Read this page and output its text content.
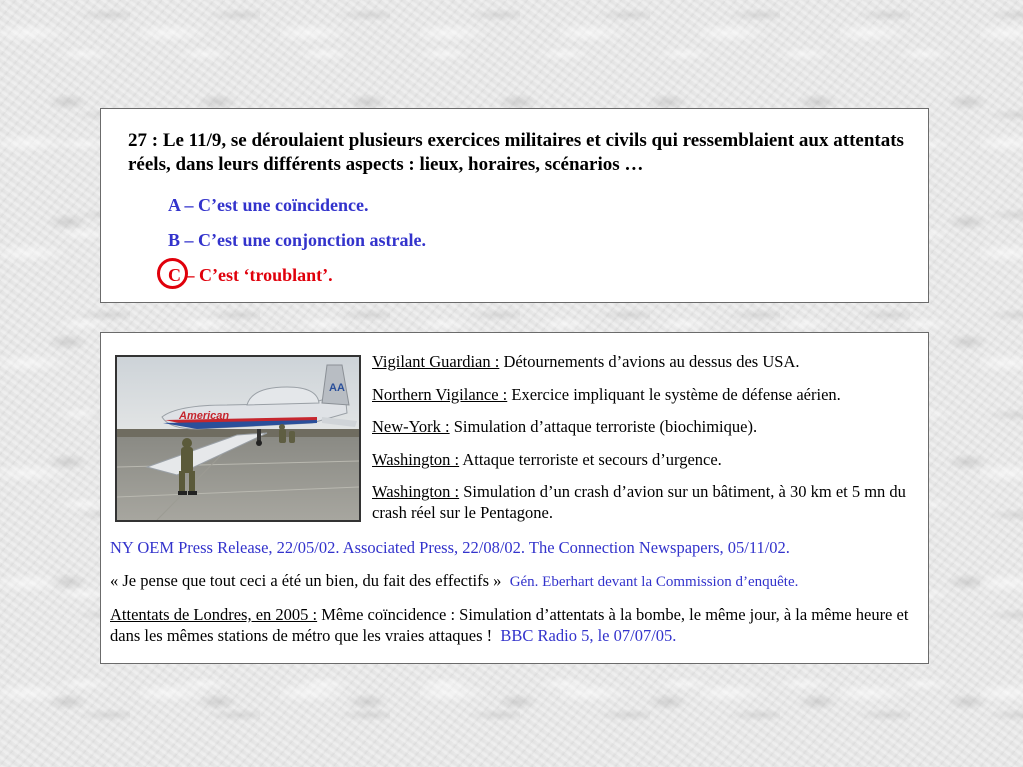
27 : Le 11/9, se déroulaient plusieurs exercices militaires et civils qui ressemblaient aux attentats réels, dans leurs différents aspects : lieux, horaires, scénarios …
A – C’est une coïncidence.
B – C’est une conjonction astrale.
C – C’est ‘troublant’.
AA
American
Vigilant Guardian : Détournements d’avions au dessus des USA.
Northern Vigilance : Exercice impliquant le système de défense aérien.
New-York : Simulation d’attaque terroriste (biochimique).
Washington : Attaque terroriste et secours d’urgence.
Washington : Simulation d’un crash d’avion sur un bâtiment, à 30 km et 5 mn du crash réel sur le Pentagone.
NY OEM Press Release, 22/05/02. Associated Press, 22/08/02. The Connection Newspapers, 05/11/02.
« Je pense que tout ceci a été un bien, du fait des effectifs » Gén. Eberhart devant la Commission d’enquête.
Attentats de Londres, en 2005 : Même coïncidence : Simulation d’attentats à la bombe, le même jour, à la même heure et dans les mêmes stations de métro que les vraies attaques ! BBC Radio 5, le 07/07/05.
